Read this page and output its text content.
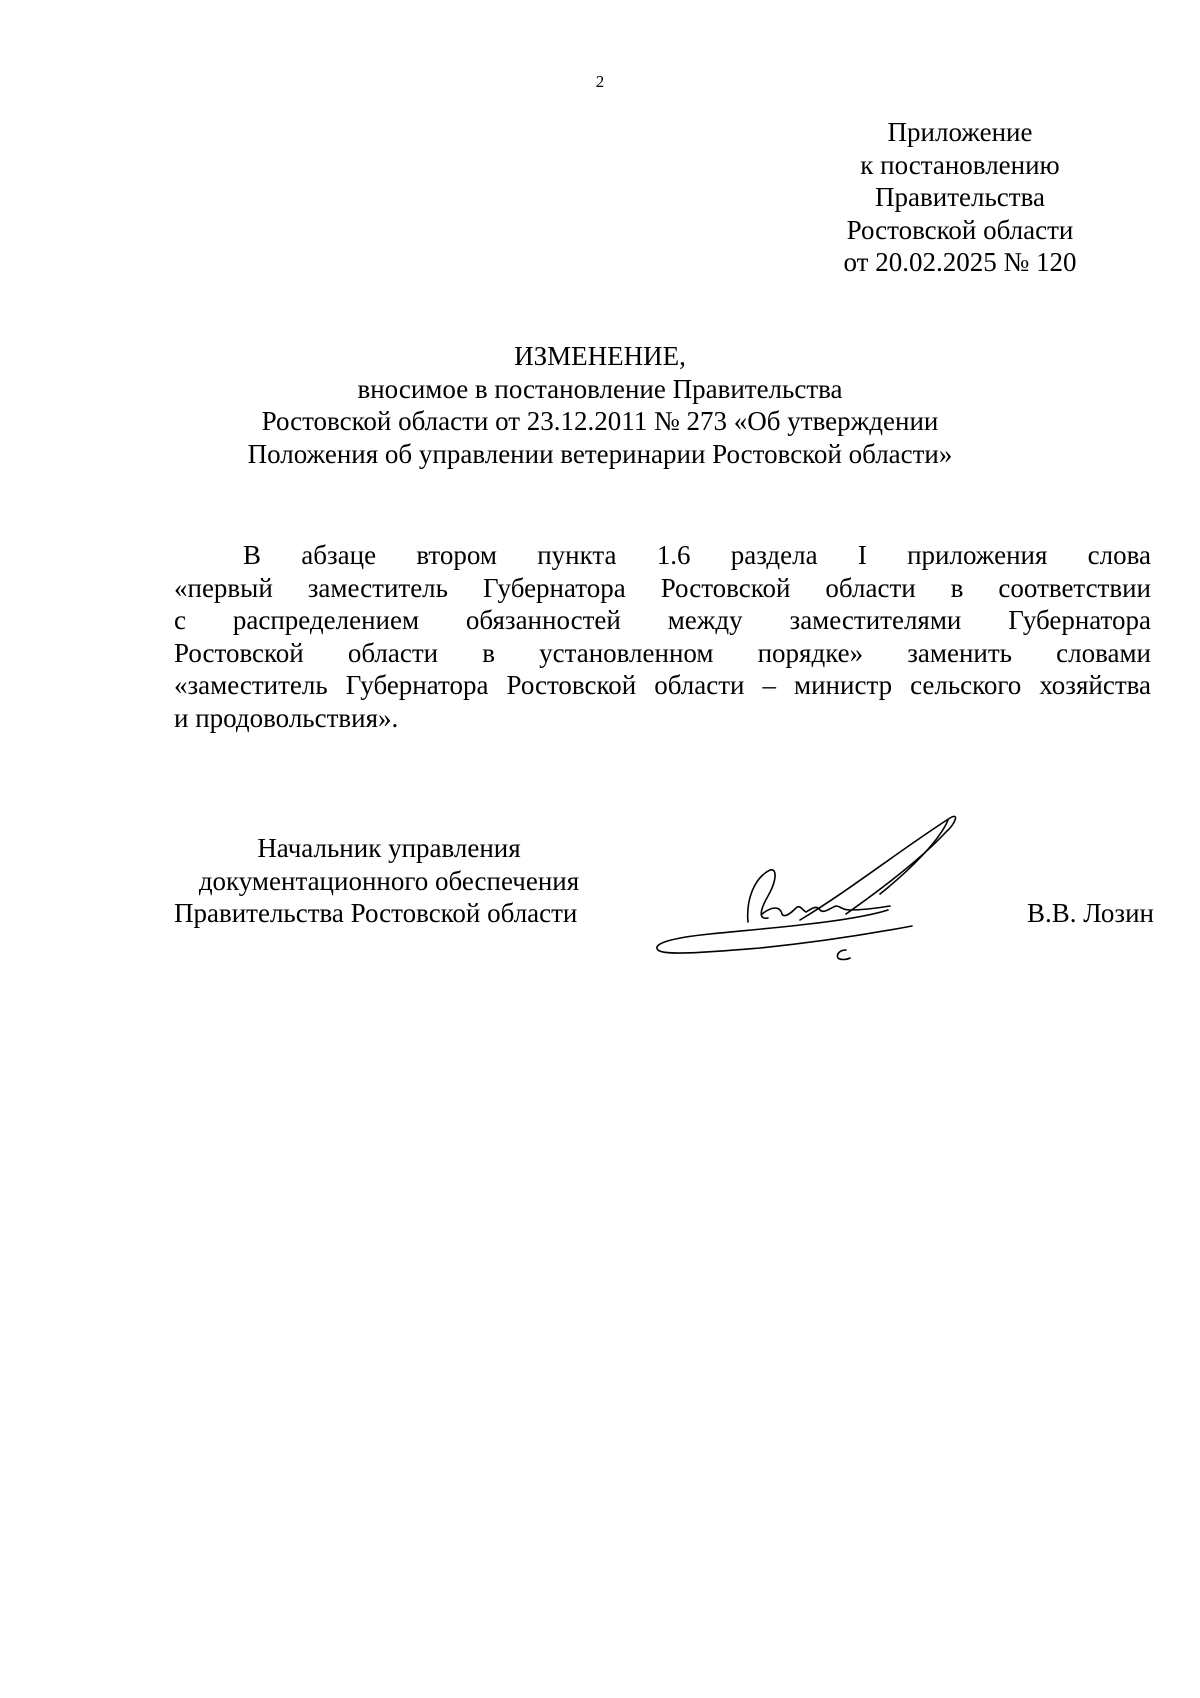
2
Приложение
к постановлению
Правительства
Ростовской области
от 20.02.2025 № 120
ИЗМЕНЕНИЕ,
вносимое в постановление Правительства
Ростовской области от 23.12.2011 № 273 «Об утверждении
Положения об управлении ветеринарии Ростовской области»
В абзаце втором пункта 1.6 раздела I приложения слова
«первый заместитель Губернатора Ростовской области в соответствии
с распределением обязанностей между заместителями Губернатора
Ростовской области в установленном порядке» заменить словами
«заместитель Губернатора Ростовской области – министр сельского хозяйства
и продовольствия».
Начальник управления
документационного обеспечения
Правительства Ростовской области	В.В. Лозин
